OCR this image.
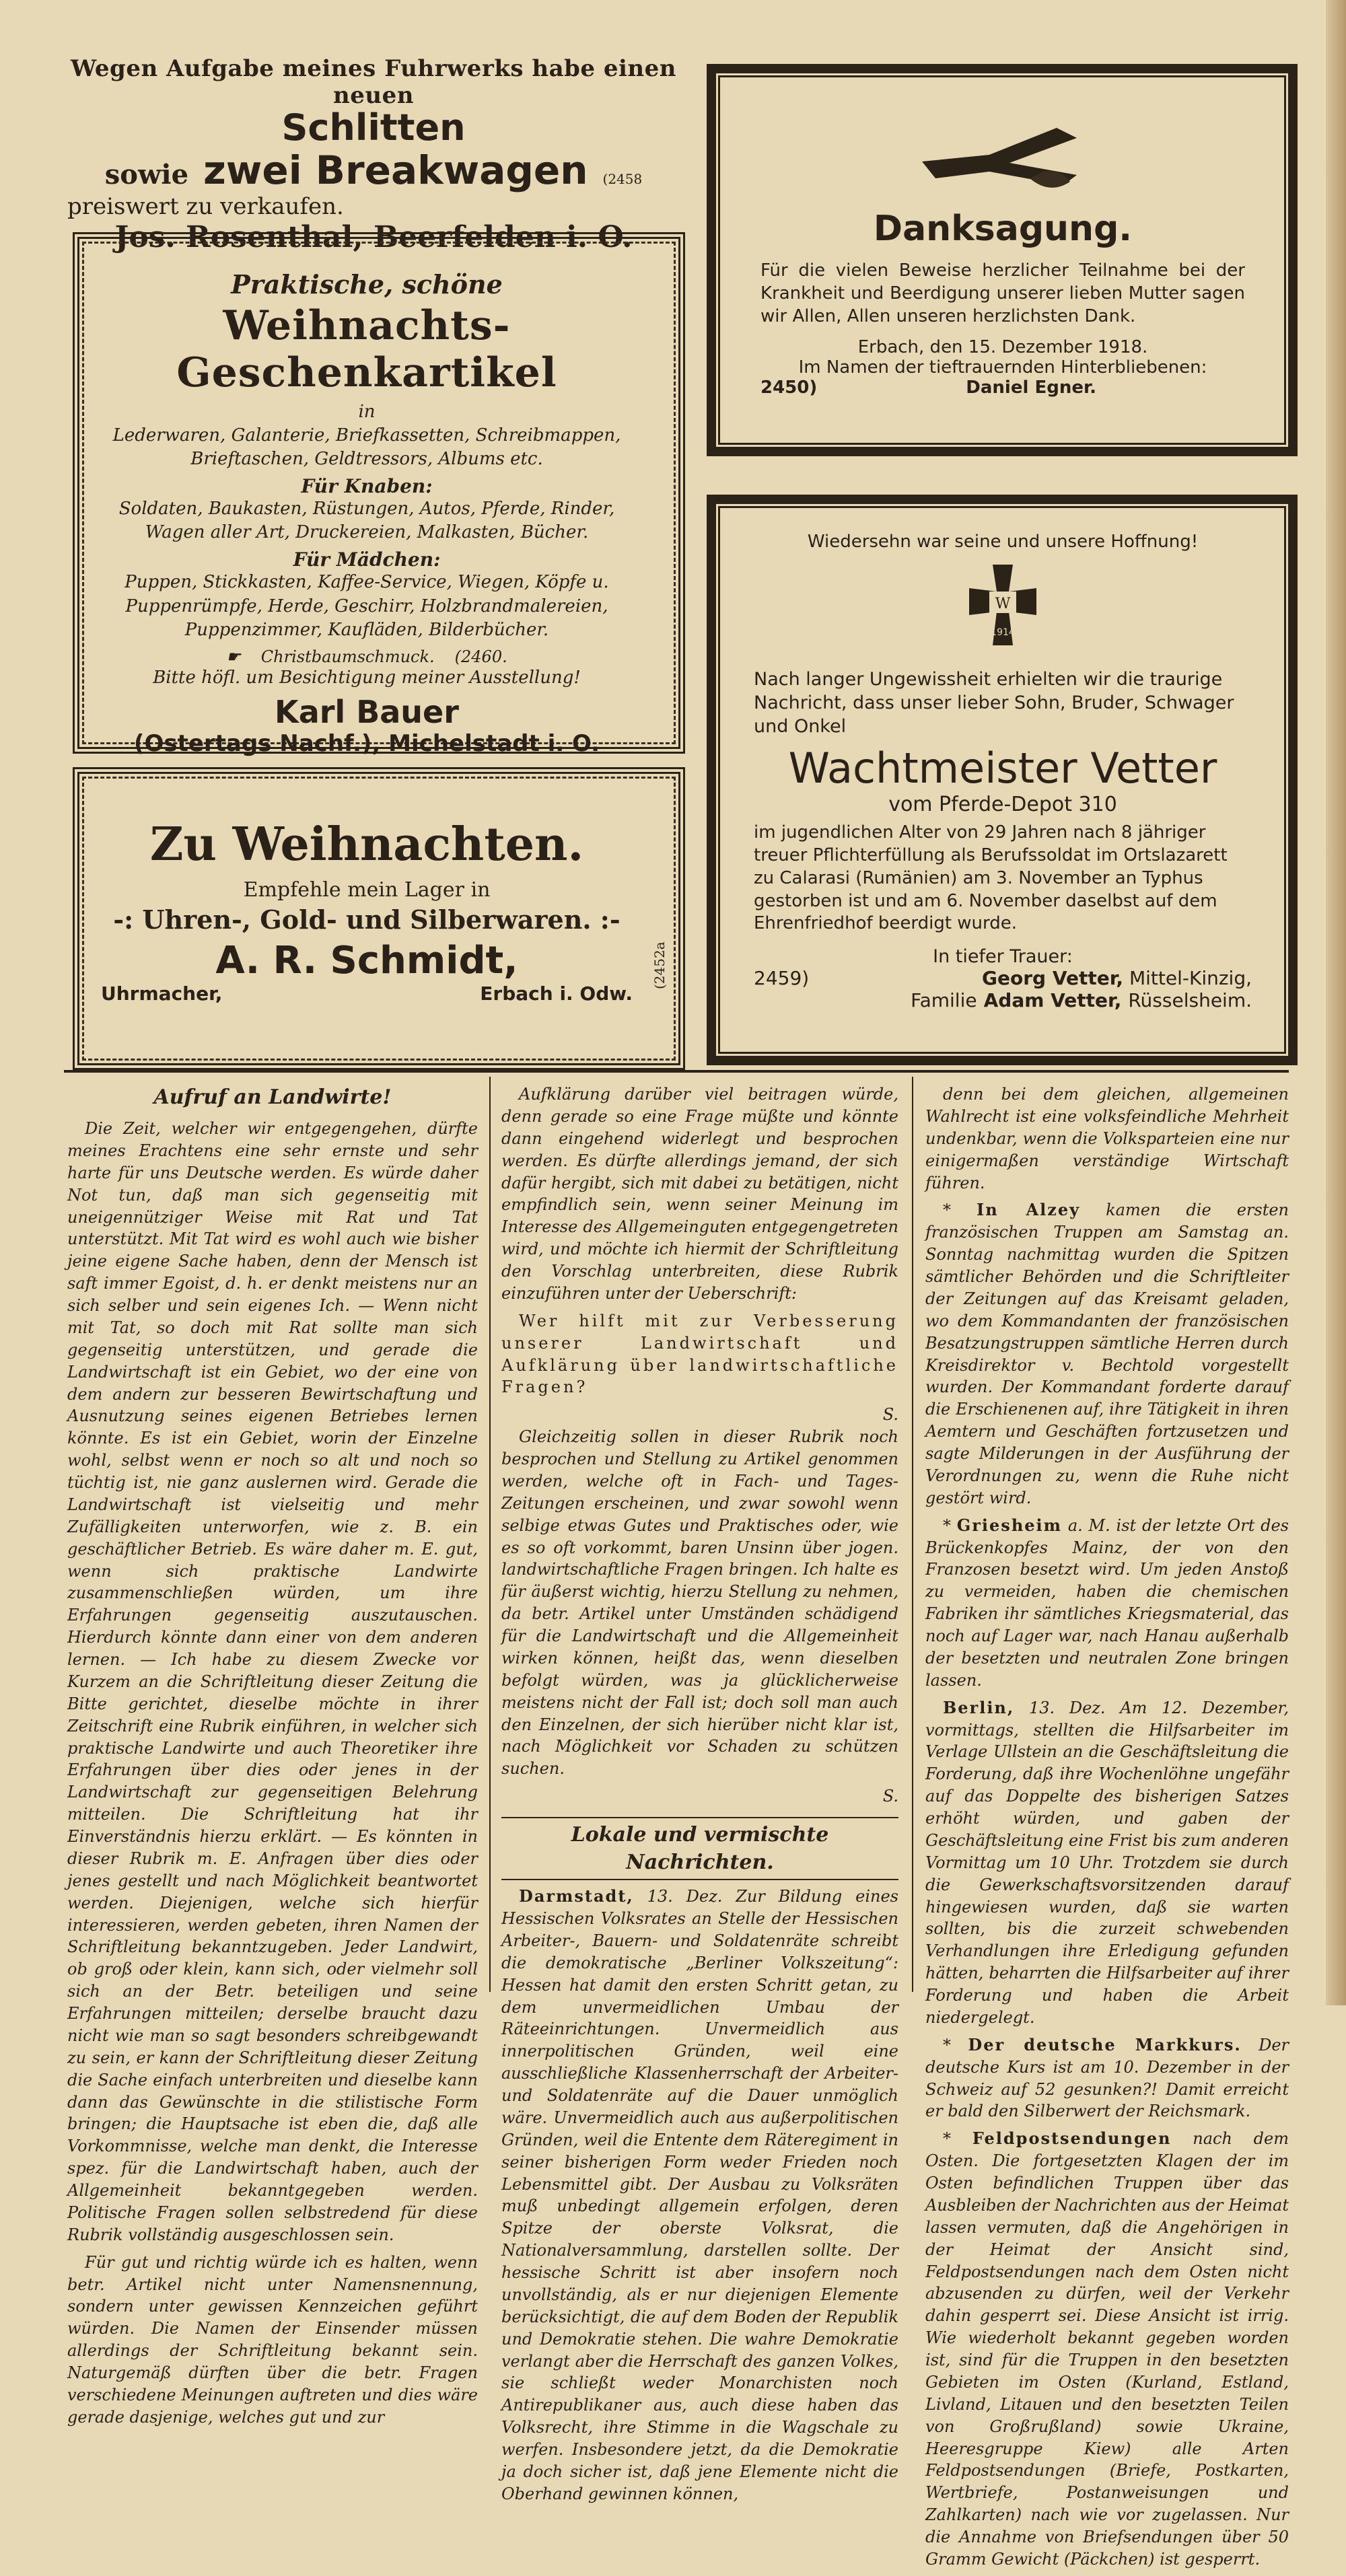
Wegen Aufgabe meines Fuhrwerks habe einen neuen
Schlitten
sowie zwei Breakwagen (2458
preiswert zu verkaufen.
Jos. Rosenthal, Beerfelden i. O.
Praktische, schöne
Weihnachts-Geschenkartikel
in
Lederwaren, Galanterie, Briefkassetten, Schreibmappen, Brieftaschen, Geldtressors, Albums etc.
Für Knaben:
Soldaten, Baukasten, Rüstungen, Autos, Pferde, Rinder, Wagen aller Art, Druckereien, Malkasten, Bücher.
Für Mädchen:
Puppen, Stickkasten, Kaffee-Service, Wiegen, Köpfe u. Puppenrümpfe, Herde, Geschirr, Holzbrandmalereien, Puppenzimmer, Kaufläden, Bilderbücher.
☛ Christbaumschmuck. (2460.
Bitte höfl. um Besichtigung meiner Ausstellung!
Karl Bauer
(Ostertags Nachf.), Michelstadt i. O.
Zu Weihnachten.
Empfehle mein Lager in
-: Uhren-, Gold- und Silberwaren. :-
A. R. Schmidt,
Uhrmacher,	Erbach i. Odw.
(2452a
Danksagung.
Für die vielen Beweise herzlicher Teilnahme bei der Krankheit und Beerdigung unserer lieben Mutter sagen wir Allen, Allen unseren herzlichsten Dank.
Erbach, den 15. Dezember 1918.
Im Namen der tieftrauernden Hinterbliebenen:
2450)	Daniel Egner.
Wiedersehn war seine und unsere Hoffnung!
W
1914
Nach langer Ungewissheit erhielten wir die traurige Nachricht, dass unser lieber Sohn, Bruder, Schwager und Onkel
Wachtmeister Vetter
vom Pferde-Depot 310
im jugendlichen Alter von 29 Jahren nach 8 jähriger treuer Pflichterfüllung als Berufssoldat im Ortslazarett zu Calarasi (Rumänien) am 3. November an Typhus gestorben ist und am 6. November daselbst auf dem Ehrenfriedhof beerdigt wurde.
In tiefer Trauer:
2459)	Georg Vetter, Mittel-Kinzig,
Familie Adam Vetter, Rüsselsheim.
Aufruf an Landwirte!

Die Zeit, welcher wir entgegengehen, dürfte meines Erachtens eine sehr ernste und sehr harte für uns Deutsche werden. Es würde daher Not tun, daß man sich gegenseitig mit uneigennütziger Weise mit Rat und Tat unterstützt. Mit Tat wird es wohl auch wie bisher jeine eigene Sache haben, denn der Mensch ist saft immer Egoist, d. h. er denkt meistens nur an sich selber und sein eigenes Ich. — Wenn nicht mit Tat, so doch mit Rat sollte man sich gegenseitig unterstützen, und gerade die Landwirtschaft ist ein Gebiet, wo der eine von dem andern zur besseren Bewirtschaftung und Ausnutzung seines eigenen Betriebes lernen könnte. Es ist ein Gebiet, worin der Einzelne wohl, selbst wenn er noch so alt und noch so tüchtig ist, nie ganz auslernen wird. Gerade die Landwirtschaft ist vielseitig und mehr Zufälligkeiten unterworfen, wie z. B. ein geschäftlicher Betrieb. Es wäre daher m. E. gut, wenn sich praktische Landwirte zusammenschließen würden, um ihre Erfahrungen gegenseitig auszutauschen. Hierdurch könnte dann einer von dem anderen lernen. — Ich habe zu diesem Zwecke vor Kurzem an die Schriftleitung dieser Zeitung die Bitte gerichtet, dieselbe möchte in ihrer Zeitschrift eine Rubrik einführen, in welcher sich praktische Landwirte und auch Theoretiker ihre Erfahrungen über dies oder jenes in der Landwirtschaft zur gegenseitigen Belehrung mitteilen. Die Schriftleitung hat ihr Einverständnis hierzu erklärt. — Es könnten in dieser Rubrik m. E. Anfragen über dies oder jenes gestellt und nach Möglichkeit beantwortet werden. Diejenigen, welche sich hierfür interessieren, werden gebeten, ihren Namen der Schriftleitung bekanntzugeben. Jeder Landwirt, ob groß oder klein, kann sich, oder vielmehr soll sich an der Betr. beteiligen und seine Erfahrungen mitteilen; derselbe braucht dazu nicht wie man so sagt besonders schreibgewandt zu sein, er kann der Schriftleitung dieser Zeitung die Sache einfach unterbreiten und dieselbe kann dann das Gewünschte in die stilistische Form bringen; die Hauptsache ist eben die, daß alle Vorkommnisse, welche man denkt, die Interesse spez. für die Landwirtschaft haben, auch der Allgemeinheit bekanntgegeben werden. Politische Fragen sollen selbstredend für diese Rubrik vollständig ausgeschlossen sein.

Für gut und richtig würde ich es halten, wenn betr. Artikel nicht unter Namensnennung, sondern unter gewissen Kennzeichen geführt würden. Die Namen der Einsender müssen allerdings der Schriftleitung bekannt sein. Naturgemäß dürften über die betr. Fragen verschiedene Meinungen auftreten und dies wäre gerade dasjenige, welches gut und zur

Aufklärung darüber viel beitragen würde, denn gerade so eine Frage müßte und könnte dann eingehend widerlegt und besprochen werden. Es dürfte allerdings jemand, der sich dafür hergibt, sich mit dabei zu betätigen, nicht empfindlich sein, wenn seiner Meinung im Interesse des Allgemeinguten entgegengetreten wird, und möchte ich hiermit der Schriftleitung den Vorschlag unterbreiten, diese Rubrik einzuführen unter der Ueberschrift:

Wer hilft mit zur Verbesserung unserer Landwirtschaft und Aufklärung über landwirtschaftliche Fragen?

S.

Gleichzeitig sollen in dieser Rubrik noch besprochen und Stellung zu Artikel genommen werden, welche oft in Fach- und Tages-Zeitungen erscheinen, und zwar sowohl wenn selbige etwas Gutes und Praktisches oder, wie es so oft vorkommt, baren Unsinn über jogen. landwirtschaftliche Fragen bringen. Ich halte es für äußerst wichtig, hierzu Stellung zu nehmen, da betr. Artikel unter Umständen schädigend für die Landwirtschaft und die Allgemeinheit wirken können, heißt das, wenn dieselben befolgt würden, was ja glücklicherweise meistens nicht der Fall ist; doch soll man auch den Einzelnen, der sich hierüber nicht klar ist, nach Möglichkeit vor Schaden zu schützen suchen.

S.

Lokale und vermischte Nachrichten.

Darmstadt, 13. Dez. Zur Bildung eines Hessischen Volksrates an Stelle der Hessischen Arbeiter-, Bauern- und Soldatenräte schreibt die demokratische „Berliner Volkszeitung“: Hessen hat damit den ersten Schritt getan, zu dem unvermeidlichen Umbau der Räteeinrichtungen. Unvermeidlich aus innerpolitischen Gründen, weil eine ausschließliche Klassenherrschaft der Arbeiter- und Soldatenräte auf die Dauer unmöglich wäre. Unvermeidlich auch aus außerpolitischen Gründen, weil die Entente dem Räteregiment in seiner bisherigen Form weder Frieden noch Lebensmittel gibt. Der Ausbau zu Volksräten muß unbedingt allgemein erfolgen, deren Spitze der oberste Volksrat, die Nationalversammlung, darstellen sollte. Der hessische Schritt ist aber insofern noch unvollständig, als er nur diejenigen Elemente berücksichtigt, die auf dem Boden der Republik und Demokratie stehen. Die wahre Demokratie verlangt aber die Herrschaft des ganzen Volkes, sie schließt weder Monarchisten noch Antirepublikaner aus, auch diese haben das Volksrecht, ihre Stimme in die Wagschale zu werfen. Insbesondere jetzt, da die Demokratie ja doch sicher ist, daß jene Elemente nicht die Oberhand gewinnen können,

denn bei dem gleichen, allgemeinen Wahlrecht ist eine volksfeindliche Mehrheit undenkbar, wenn die Volksparteien eine nur einigermaßen verständige Wirtschaft führen.

* In Alzey kamen die ersten französischen Truppen am Samstag an. Sonntag nachmittag wurden die Spitzen sämtlicher Behörden und die Schriftleiter der Zeitungen auf das Kreisamt geladen, wo dem Kommandanten der französischen Besatzungstruppen sämtliche Herren durch Kreisdirektor v. Bechtold vorgestellt wurden. Der Kommandant forderte darauf die Erschienenen auf, ihre Tätigkeit in ihren Aemtern und Geschäften fortzusetzen und sagte Milderungen in der Ausführung der Verordnungen zu, wenn die Ruhe nicht gestört wird.

* Griesheim a. M. ist der letzte Ort des Brückenkopfes Mainz, der von den Franzosen besetzt wird. Um jeden Anstoß zu vermeiden, haben die chemischen Fabriken ihr sämtliches Kriegsmaterial, das noch auf Lager war, nach Hanau außerhalb der besetzten und neutralen Zone bringen lassen.

Berlin, 13. Dez. Am 12. Dezember, vormittags, stellten die Hilfsarbeiter im Verlage Ullstein an die Geschäftsleitung die Forderung, daß ihre Wochenlöhne ungefähr auf das Doppelte des bisherigen Satzes erhöht würden, und gaben der Geschäftsleitung eine Frist bis zum anderen Vormittag um 10 Uhr. Trotzdem sie durch die Gewerkschaftsvorsitzenden darauf hingewiesen wurden, daß sie warten sollten, bis die zurzeit schwebenden Verhandlungen ihre Erledigung gefunden hätten, beharrten die Hilfsarbeiter auf ihrer Forderung und haben die Arbeit niedergelegt.

* Der deutsche Markkurs. Der deutsche Kurs ist am 10. Dezember in der Schweiz auf 52 gesunken?! Damit erreicht er bald den Silberwert der Reichsmark.

* Feldpostsendungen nach dem Osten. Die fortgesetzten Klagen der im Osten befindlichen Truppen über das Ausbleiben der Nachrichten aus der Heimat lassen vermuten, daß die Angehörigen in der Heimat der Ansicht sind, Feldpostsendungen nach dem Osten nicht abzusenden zu dürfen, weil der Verkehr dahin gesperrt sei. Diese Ansicht ist irrig. Wie wiederholt bekannt gegeben worden ist, sind für die Truppen in den besetzten Gebieten im Osten (Kurland, Estland, Livland, Litauen und den besetzten Teilen von Großrußland) sowie Ukraine, Heeresgruppe Kiew) alle Arten Feldpostsendungen (Briefe, Postkarten, Wertbriefe, Postanweisungen und Zahlkarten) nach wie vor zugelassen. Nur die Annahme von Briefsendungen über 50 Gramm Gewicht (Päckchen) ist gesperrt.
